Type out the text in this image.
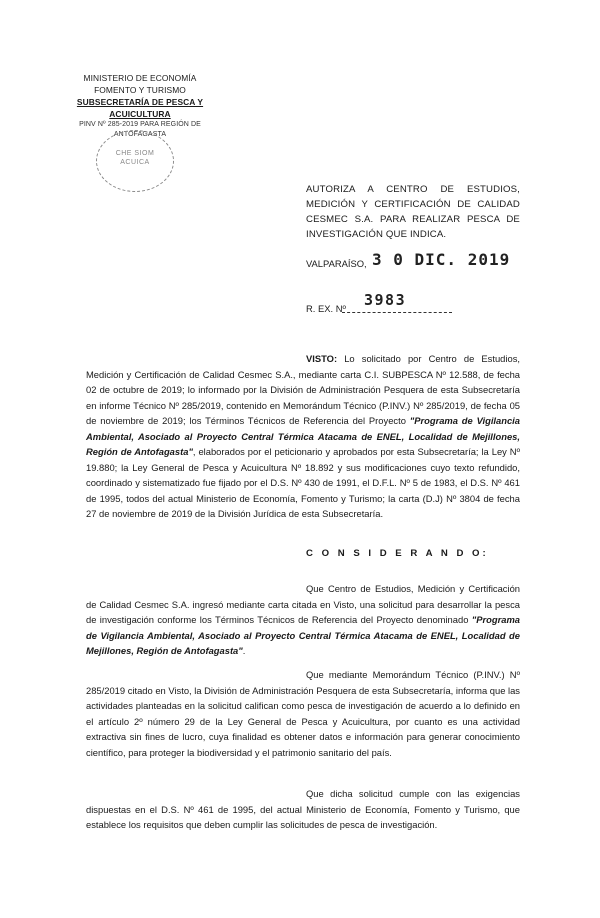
MINISTERIO DE ECONOMÍA
FOMENTO Y TURISMO
SUBSECRETARÍA DE PESCA Y ACUICULTURA
PINV Nº 285-2019 PARA REGIÓN DE
ANTOFAGASTA
CHE SIOM
ACUICA
AUTORIZA A CENTRO DE ESTUDIOS, MEDICIÓN Y CERTIFICACIÓN DE CALIDAD CESMEC S.A. PARA REALIZAR PESCA DE INVESTIGACIÓN QUE INDICA.
VALPARAÍSO, 3 0 DIC. 2019
R. EX. Nº 3983
VISTO: Lo solicitado por Centro de Estudios, Medición y Certificación de Calidad Cesmec S.A., mediante carta C.I. SUBPESCA Nº 12.588, de fecha 02 de octubre de 2019; lo informado por la División de Administración Pesquera de esta Subsecretaría en informe Técnico Nº 285/2019, contenido en Memorándum Técnico (P.INV.) Nº 285/2019, de fecha 05 de noviembre de 2019; los Términos Técnicos de Referencia del Proyecto "Programa de Vigilancia Ambiental, Asociado al Proyecto Central Térmica Atacama de ENEL, Localidad de Mejillones, Región de Antofagasta", elaborados por el peticionario y aprobados por esta Subsecretaría; la Ley Nº 19.880; la Ley General de Pesca y Acuicultura Nº 18.892 y sus modificaciones cuyo texto refundido, coordinado y sistematizado fue fijado por el D.S. Nº 430 de 1991, el D.F.L. Nº 5 de 1983, el D.S. Nº 461 de 1995, todos del actual Ministerio de Economía, Fomento y Turismo; la carta (D.J) Nº 3804 de fecha 27 de noviembre de 2019 de la División Jurídica de esta Subsecretaría.
C O N S I D E R A N D O:
Que Centro de Estudios, Medición y Certificación de Calidad Cesmec S.A. ingresó mediante carta citada en Visto, una solicitud para desarrollar la pesca de investigación conforme los Términos Técnicos de Referencia del Proyecto denominado "Programa de Vigilancia Ambiental, Asociado al Proyecto Central Térmica Atacama de ENEL, Localidad de Mejillones, Región de Antofagasta".
Que mediante Memorándum Técnico (P.INV.) Nº 285/2019 citado en Visto, la División de Administración Pesquera de esta Subsecretaría, informa que las actividades planteadas en la solicitud califican como pesca de investigación de acuerdo a lo definido en el artículo 2º número 29 de la Ley General de Pesca y Acuicultura, por cuanto es una actividad extractiva sin fines de lucro, cuya finalidad es obtener datos e información para generar conocimiento científico, para proteger la biodiversidad y el patrimonio sanitario del país.
Que dicha solicitud cumple con las exigencias dispuestas en el D.S. Nº 461 de 1995, del actual Ministerio de Economía, Fomento y Turismo, que establece los requisitos que deben cumplir las solicitudes de pesca de investigación.
